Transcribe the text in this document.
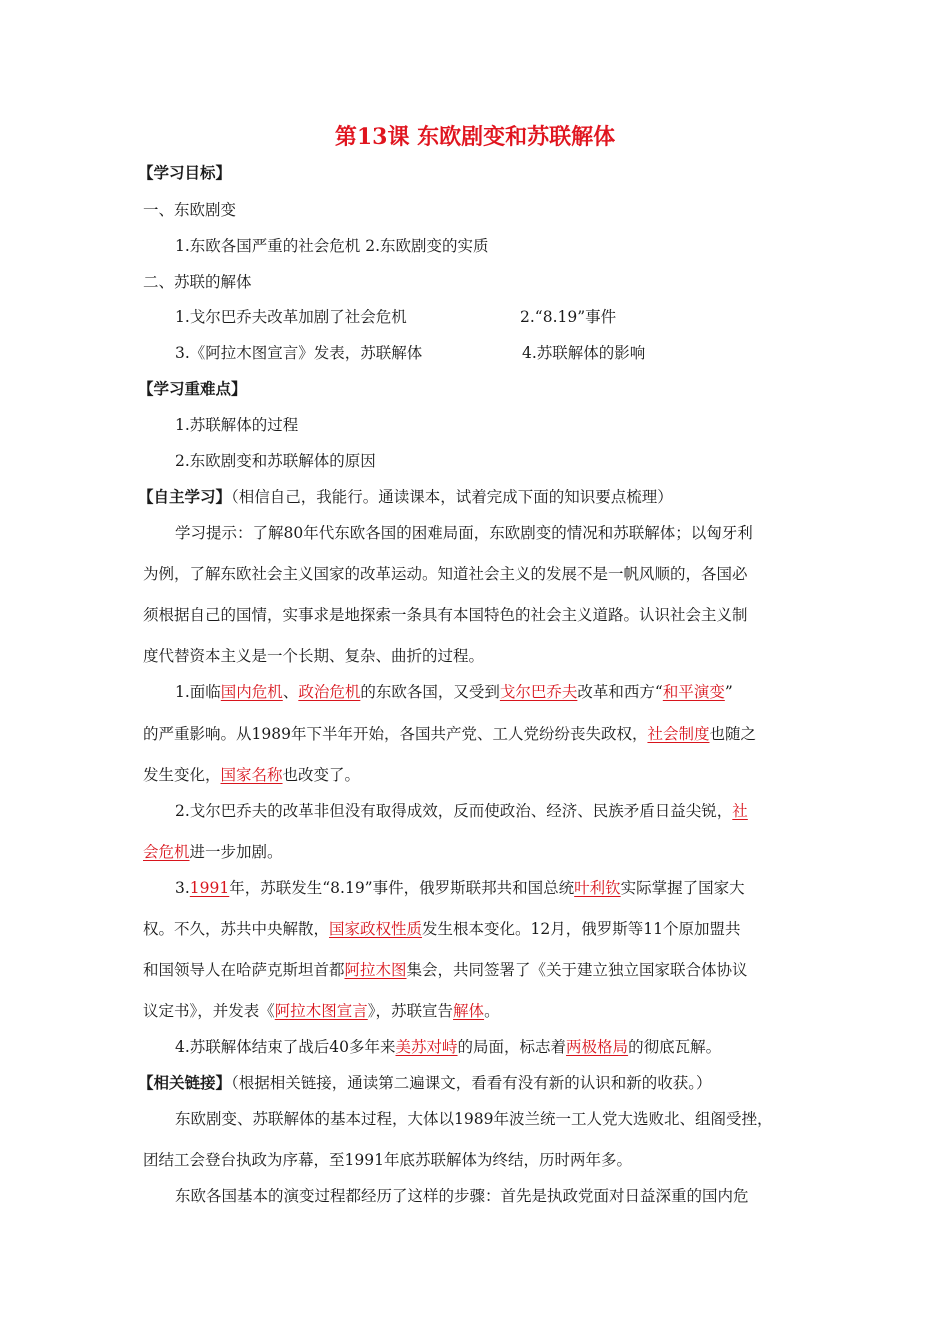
第13课 东欧剧变和苏联解体
【学习目标】
一、东欧剧变
1.东欧各国严重的社会危机 2.东欧剧变的实质
二、苏联的解体
1.戈尔巴乔夫改革加剧了社会危机	2.“8.19”事件
3.《阿拉木图宣言》发表，苏联解体	4.苏联解体的影响
【学习重难点】
1.苏联解体的过程
2.东欧剧变和苏联解体的原因
【自主学习】（相信自己，我能行。通读课本，试着完成下面的知识要点梳理）
学习提示：了解80年代东欧各国的困难局面，东欧剧变的情况和苏联解体；以匈牙利
为例，了解东欧社会主义国家的改革运动。知道社会主义的发展不是一帆风顺的，各国必
须根据自己的国情，实事求是地探索一条具有本国特色的社会主义道路。认识社会主义制
度代替资本主义是一个长期、复杂、曲折的过程。
1.面临国内危机、政治危机的东欧各国，又受到戈尔巴乔夫改革和西方“和平演变”
的严重影响。从1989年下半年开始，各国共产党、工人党纷纷丧失政权，社会制度也随之
发生变化，国家名称也改变了。
2.戈尔巴乔夫的改革非但没有取得成效，反而使政治、经济、民族矛盾日益尖锐，社
会危机进一步加剧。
3.1991年，苏联发生“8.19”事件，俄罗斯联邦共和国总统叶利钦实际掌握了国家大
权。不久，苏共中央解散，国家政权性质发生根本变化。12月，俄罗斯等11个原加盟共
和国领导人在哈萨克斯坦首都阿拉木图集会，共同签署了《关于建立独立国家联合体协议
议定书》，并发表《阿拉木图宣言》，苏联宣告解体。
4.苏联解体结束了战后40多年来美苏对峙的局面，标志着两极格局的彻底瓦解。
【相关链接】（根据相关链接，通读第二遍课文，看看有没有新的认识和新的收获。）
东欧剧变、苏联解体的基本过程，大体以1989年波兰统一工人党大选败北、组阁受挫，
团结工会登台执政为序幕，至1991年底苏联解体为终结，历时两年多。
东欧各国基本的演变过程都经历了这样的步骤：首先是执政党面对日益深重的国内危
